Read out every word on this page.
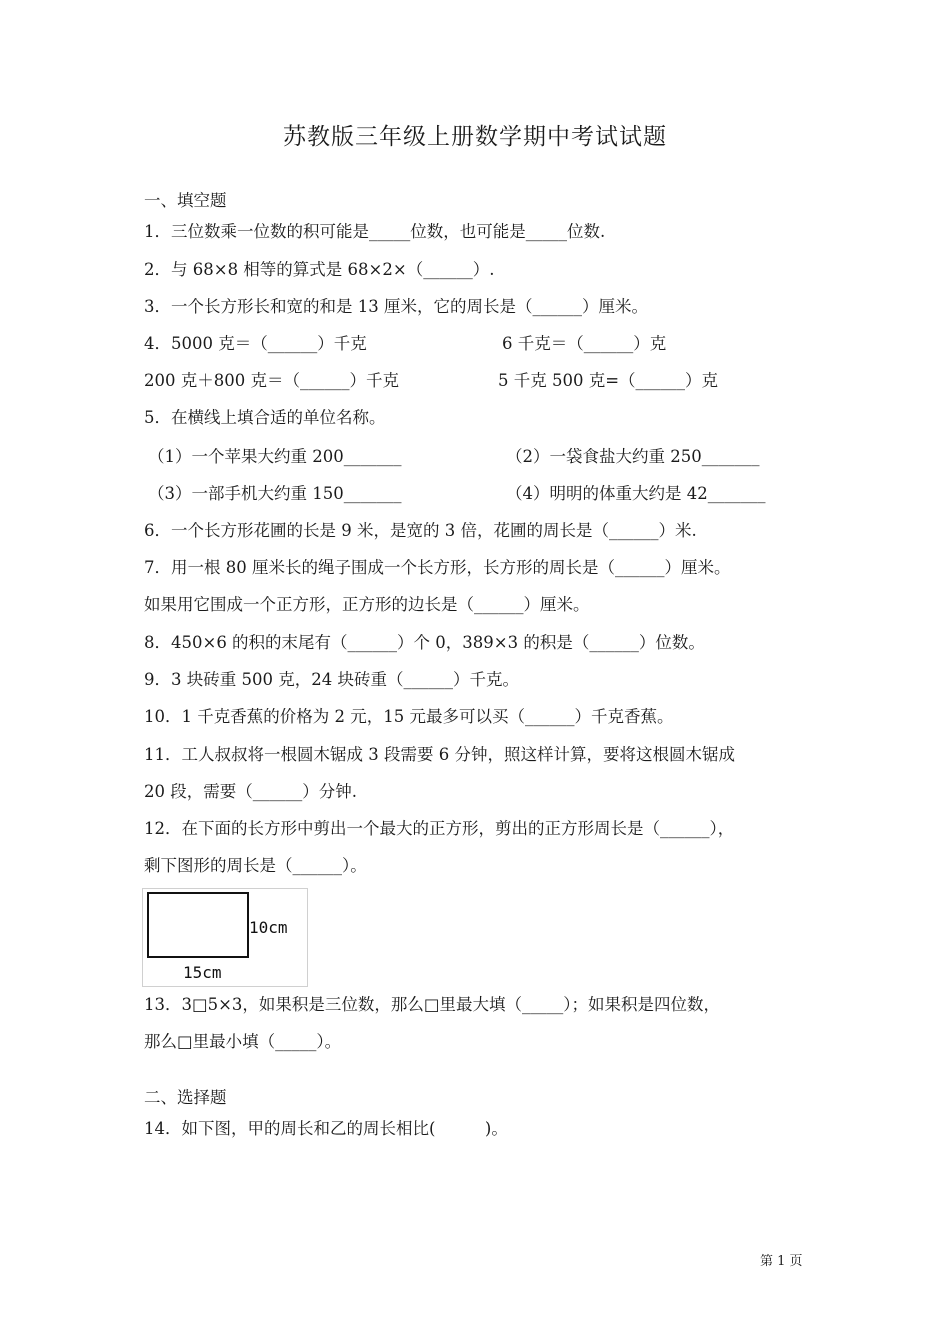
苏教版三年级上册数学期中考试试题
一、填空题
1．三位数乘一位数的积可能是_____位数，也可能是_____位数.
2．与 68×8 相等的算式是 68×2×（______）.
3．一个长方形长和宽的和是 13 厘米，它的周长是（______）厘米。
4．5000 克＝（______）千克	6 千克＝（______）克
200 克＋800 克＝（______）千克	5 千克 500 克=（______）克
5．在横线上填合适的单位名称。
（1）一个苹果大约重 200_______	（2）一袋食盐大约重 250_______
（3）一部手机大约重 150_______	（4）明明的体重大约是 42_______
6．一个长方形花圃的长是 9 米，是宽的 3 倍，花圃的周长是（______）米.
7．用一根 80 厘米长的绳子围成一个长方形，长方形的周长是（______）厘米。
如果用它围成一个正方形，正方形的边长是（______）厘米。
8．450×6 的积的末尾有（______）个 0，389×3 的积是（______）位数。
9．3 块砖重 500 克，24 块砖重（______）千克。
10．1 千克香蕉的价格为 2 元，15 元最多可以买（______）千克香蕉。
11．工人叔叔将一根圆木锯成 3 段需要 6 分钟，照这样计算，要将这根圆木锯成
20 段，需要（______）分钟.
12．在下面的长方形中剪出一个最大的正方形，剪出的正方形周长是（______），
剩下图形的周长是（______）。
10cm
15cm
13．3□5×3，如果积是三位数，那么□里最大填（_____）；如果积是四位数，
那么□里最小填（_____）。
二、选择题
14．如下图，甲的周长和乙的周长相比(　　　)。
第 1 页
